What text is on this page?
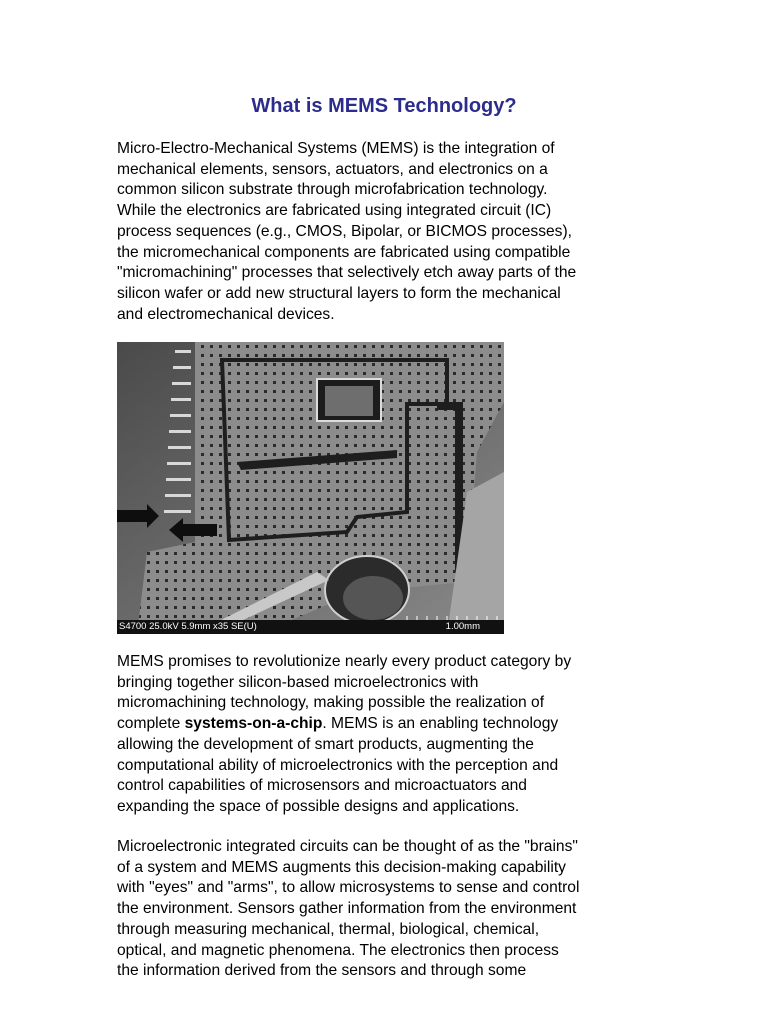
What is MEMS Technology?

Micro-Electro-Mechanical Systems (MEMS) is the integration of
mechanical elements, sensors, actuators, and electronics on a
common silicon substrate through microfabrication technology.
While the electronics are fabricated using integrated circuit (IC)
process sequences (e.g., CMOS, Bipolar, or BICMOS processes),
the micromechanical components are fabricated using compatible
"micromachining" processes that selectively etch away parts of the
silicon wafer or add new structural layers to form the mechanical
and electromechanical devices.

S4700 25.0kV 5.9mm x35 SE(U)	1.00mm

MEMS promises to revolutionize nearly every product category by
bringing together silicon-based microelectronics with
micromachining technology, making possible the realization of
complete systems-on-a-chip. MEMS is an enabling technology
allowing the development of smart products, augmenting the
computational ability of microelectronics with the perception and
control capabilities of microsensors and microactuators and
expanding the space of possible designs and applications.

Microelectronic integrated circuits can be thought of as the "brains"
of a system and MEMS augments this decision-making capability
with "eyes" and "arms", to allow microsystems to sense and control
the environment. Sensors gather information from the environment
through measuring mechanical, thermal, biological, chemical,
optical, and magnetic phenomena. The electronics then process
the information derived from the sensors and through some
